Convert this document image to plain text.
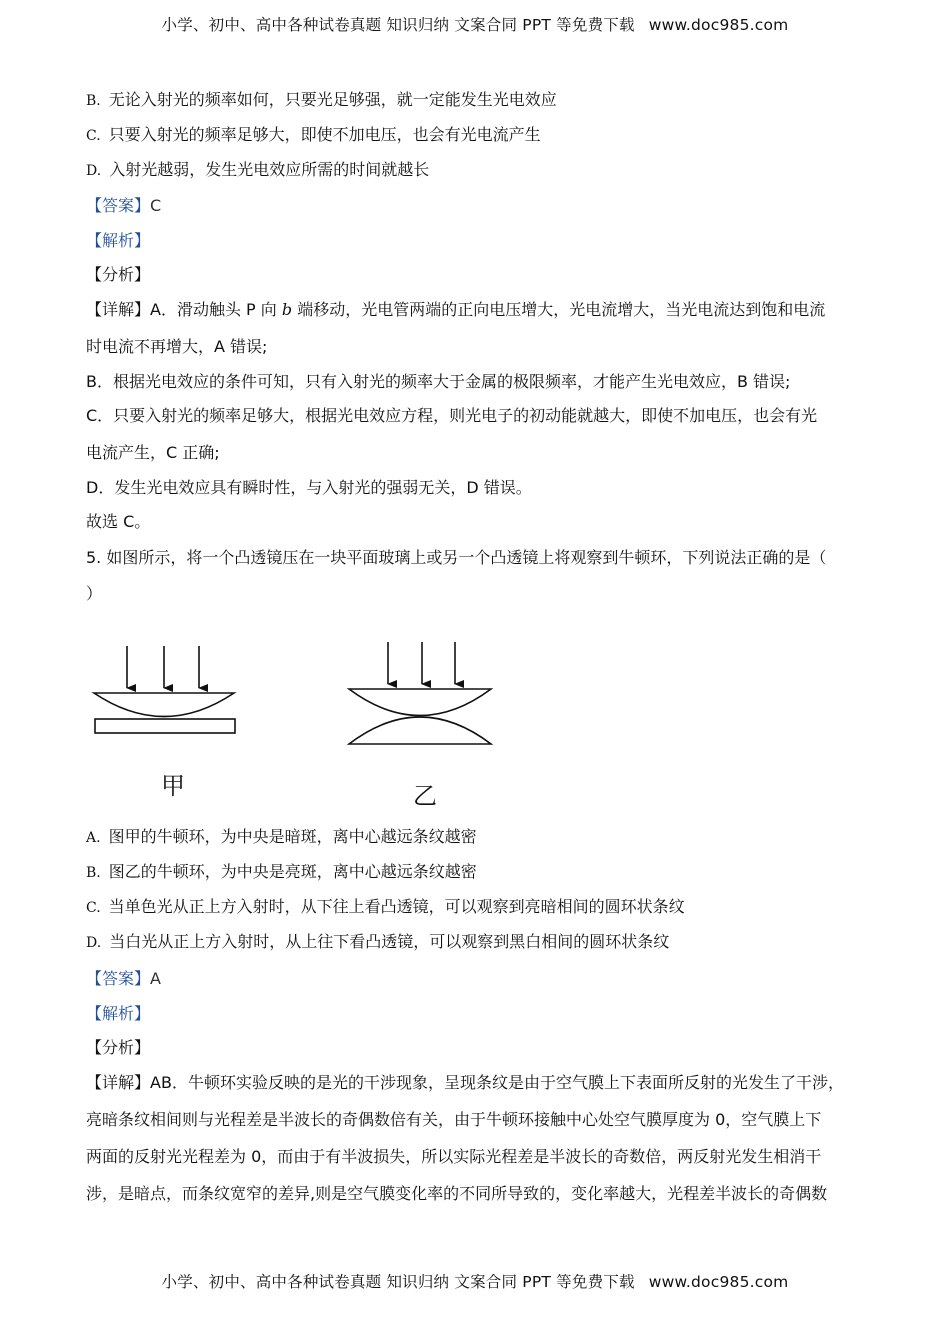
小学、初中、高中各种试卷真题 知识归纳 文案合同 PPT 等免费下载 www.doc985.com
B. 无论入射光的频率如何，只要光足够强，就一定能发生光电效应
C. 只要入射光的频率足够大，即使不加电压，也会有光电流产生
D. 入射光越弱，发生光电效应所需的时间就越长
【答案】C
【解析】
【分析】
【详解】A．滑动触头 P 向 b 端移动，光电管两端的正向电压增大，光电流增大，当光电流达到饱和电流
时电流不再增大，A 错误;
B．根据光电效应的条件可知，只有入射光的频率大于金属的极限频率，才能产生光电效应，B 错误;
C．只要入射光的频率足够大，根据光电效应方程，则光电子的初动能就越大，即使不加电压，也会有光
电流产生，C 正确;
D．发生光电效应具有瞬时性，与入射光的强弱无关，D 错误。
故选 C。
5. 如图所示，将一个凸透镜压在一块平面玻璃上或另一个凸透镜上将观察到牛顿环，下列说法正确的是（
）
甲	乙
A. 图甲的牛顿环，为中央是暗斑，离中心越远条纹越密
B. 图乙的牛顿环，为中央是亮斑，离中心越远条纹越密
C. 当单色光从正上方入射时，从下往上看凸透镜，可以观察到亮暗相间的圆环状条纹
D. 当白光从正上方入射时，从上往下看凸透镜，可以观察到黑白相间的圆环状条纹
【答案】A
【解析】
【分析】
【详解】AB．牛顿环实验反映的是光的干涉现象，呈现条纹是由于空气膜上下表面所反射的光发生了干涉，
亮暗条纹相间则与光程差是半波长的奇偶数倍有关，由于牛顿环接触中心处空气膜厚度为 0，空气膜上下
两面的反射光光程差为 0，而由于有半波损失，所以实际光程差是半波长的奇数倍，两反射光发生相消干
涉，是暗点，而条纹宽窄的差异,则是空气膜变化率的不同所导致的，变化率越大，光程差半波长的奇偶数
小学、初中、高中各种试卷真题 知识归纳 文案合同 PPT 等免费下载 www.doc985.com
